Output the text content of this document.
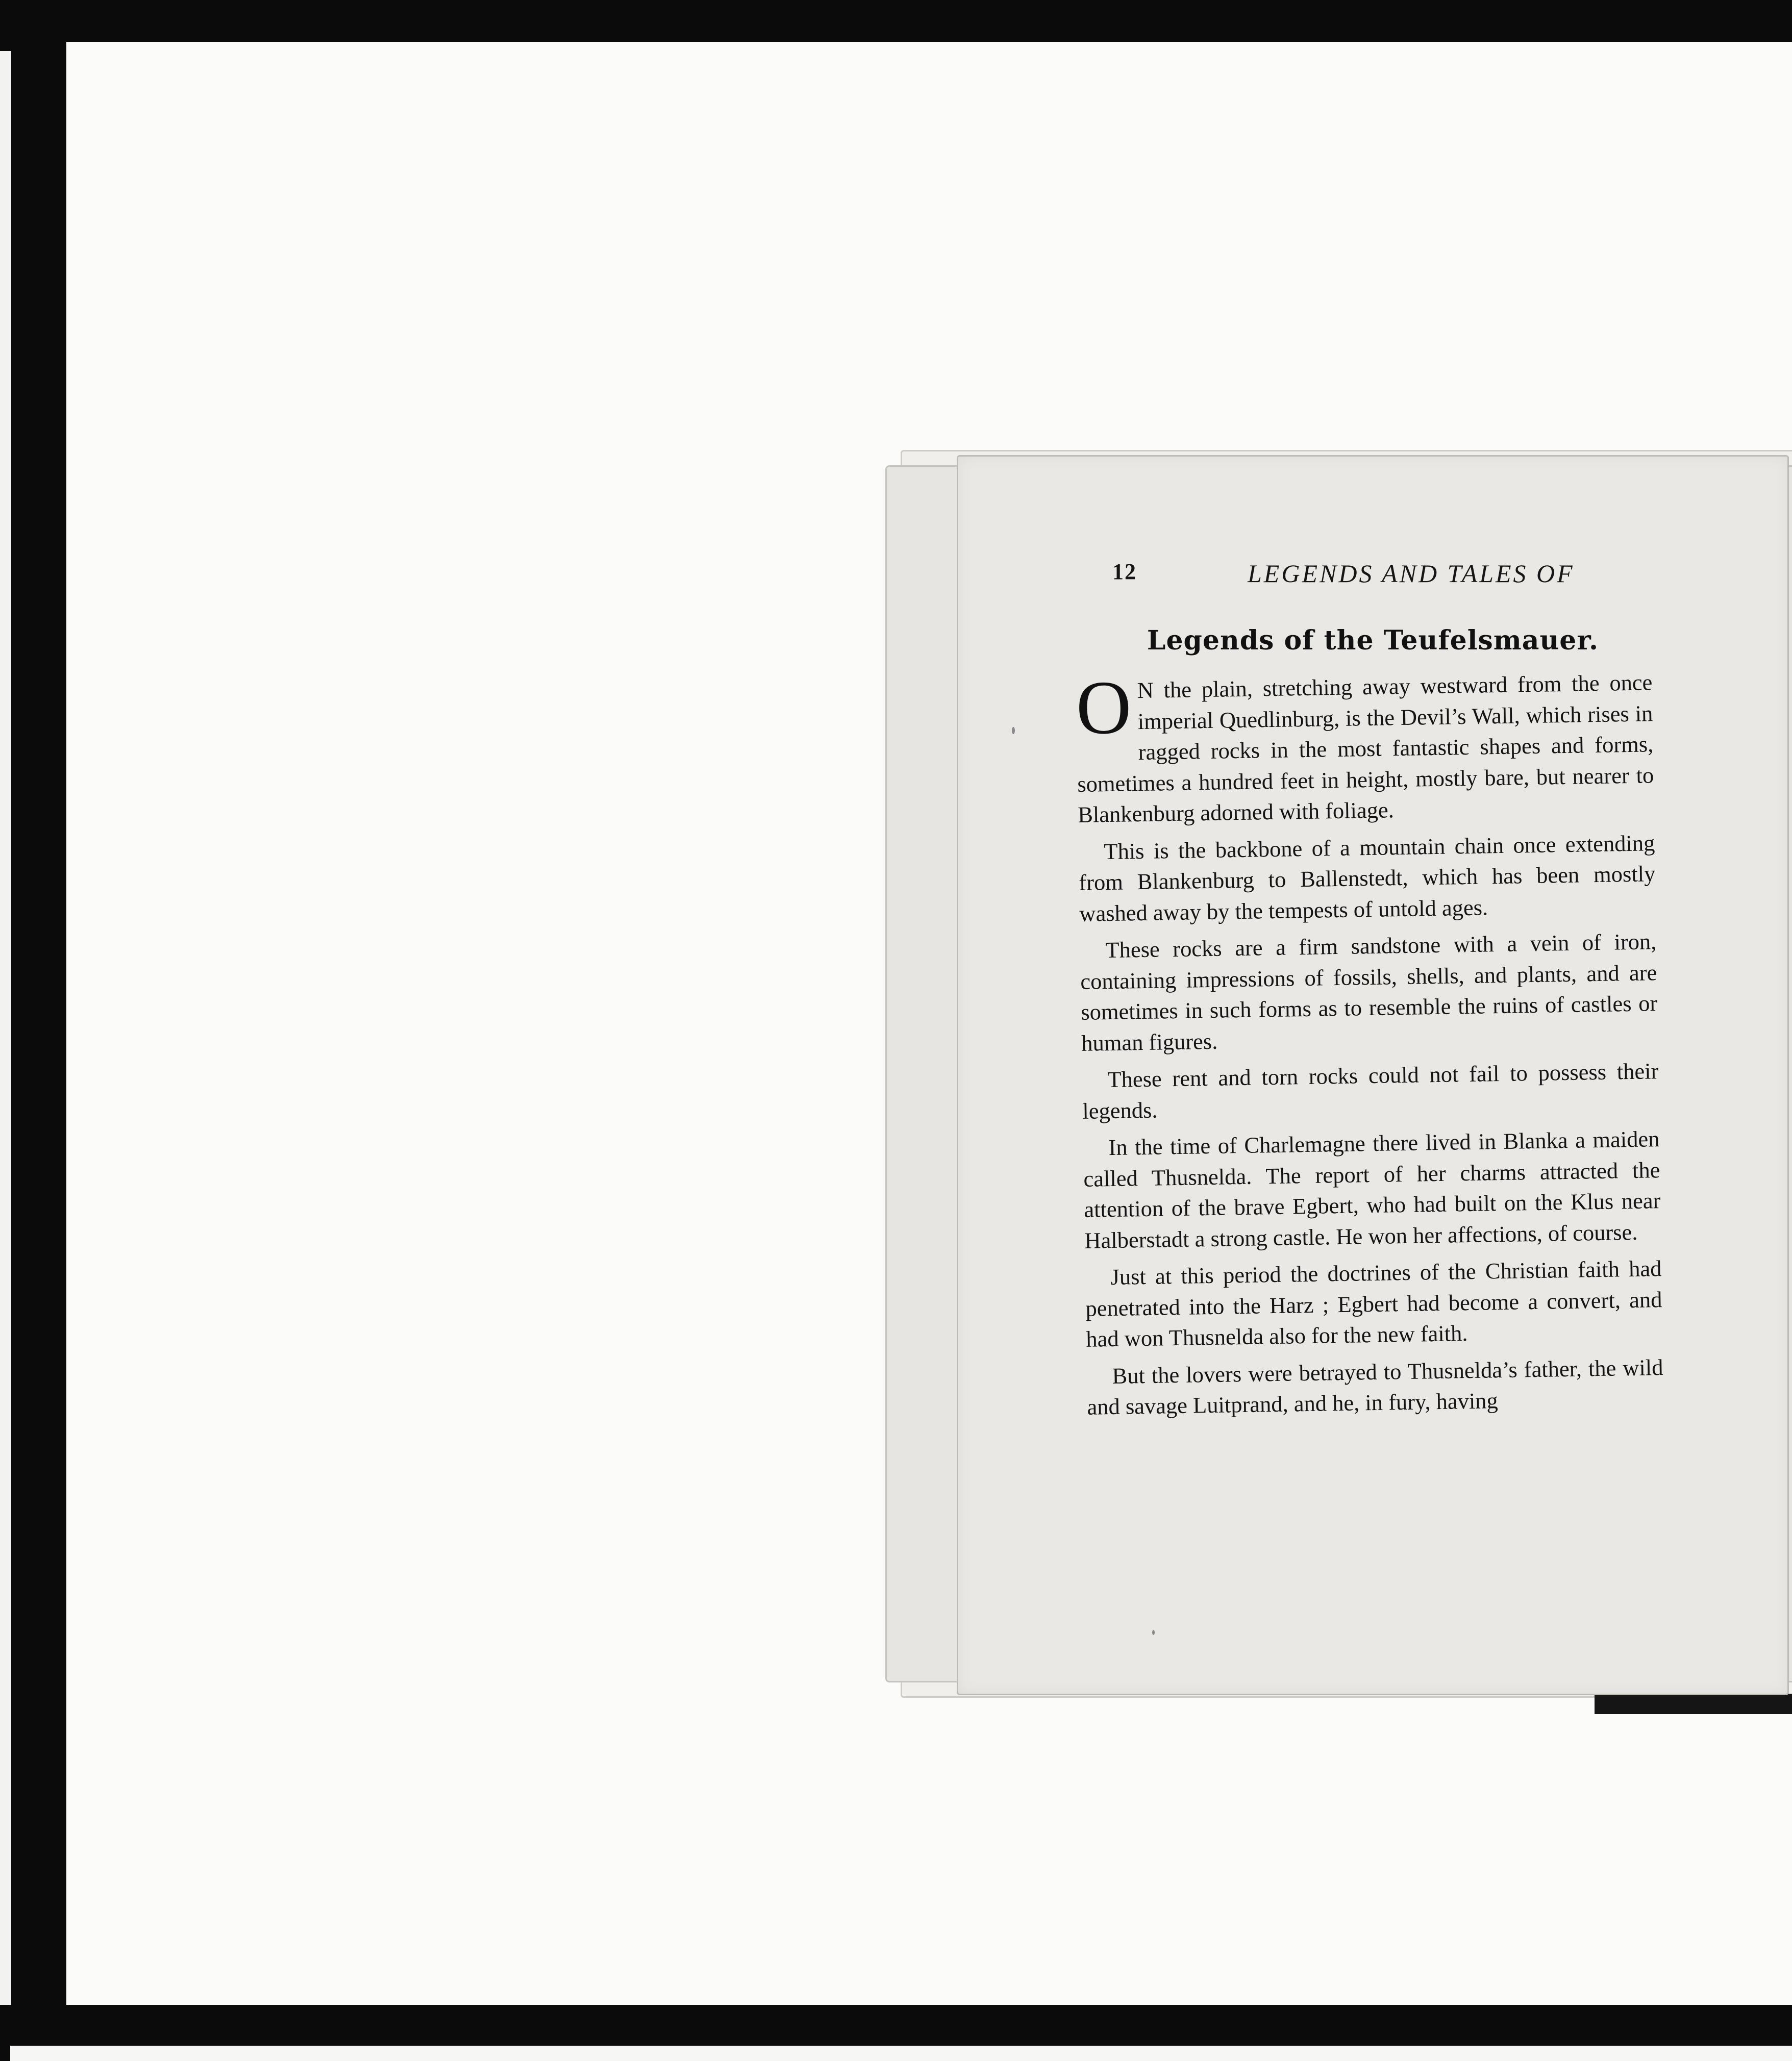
12	LEGENDS AND TALES OF
Legends of the Teufelsmauer.

O N the plain, stretching away westward from the once imperial Quedlinburg, is the Devil’s Wall, which rises in ragged rocks in the most fantastic shapes and forms, sometimes a hundred feet in height, mostly bare, but nearer to Blankenburg adorned with foliage.

This is the backbone of a mountain chain once extending from Blankenburg to Ballenstedt, which has been mostly washed away by the tempests of untold ages.

These rocks are a firm sandstone with a vein of iron, containing impressions of fossils, shells, and plants, and are sometimes in such forms as to resemble the ruins of castles or human figures.

These rent and torn rocks could not fail to possess their legends.

In the time of Charlemagne there lived in Blanka a maiden called Thusnelda. The report of her charms attracted the attention of the brave Egbert, who had built on the Klus near Halberstadt a strong castle. He won her affections, of course.

Just at this period the doctrines of the Christian faith had penetrated into the Harz ; Egbert had become a convert, and had won Thusnelda also for the new faith.

But the lovers were betrayed to Thusnelda’s father, the wild and savage Luitprand, and he, in fury, having
